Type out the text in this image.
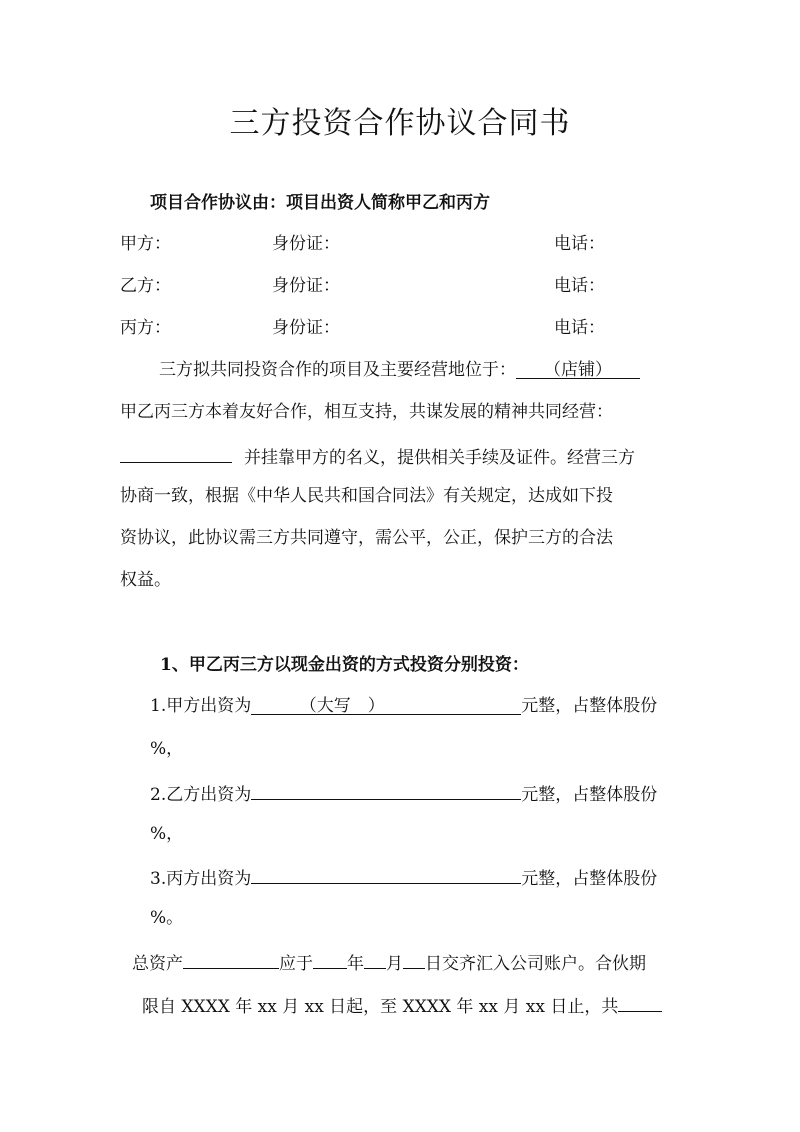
三方投资合作协议合同书
项目合作协议由：项目出资人简称甲乙和丙方
甲方：	身份证：	电话：
乙方：	身份证：	电话：
丙方：	身份证：	电话：
三方拟共同投资合作的项目及主要经营地位于： （店铺）
甲乙丙三方本着友好合作，相互支持，共谋发展的精神共同经营：
并挂靠甲方的名义，提供相关手续及证件。经营三方
协商一致，根据《中华人民共和国合同法》有关规定，达成如下投
资协议，此协议需三方共同遵守，需公平，公正，保护三方的合法
权益。
1、甲乙丙三方以现金出资的方式投资分别投资：
1.甲方出资为	（大写　）	元整，占整体股份
%，
2.乙方出资为	元整，占整体股份
%，
3.丙方出资为	元整，占整体股份
%。
总资产	应于 年 月 日交齐汇入公司账户。合伙期
限自 XXXX 年 xx 月 xx 日起，至 XXXX 年 xx 月 xx 日止，共
